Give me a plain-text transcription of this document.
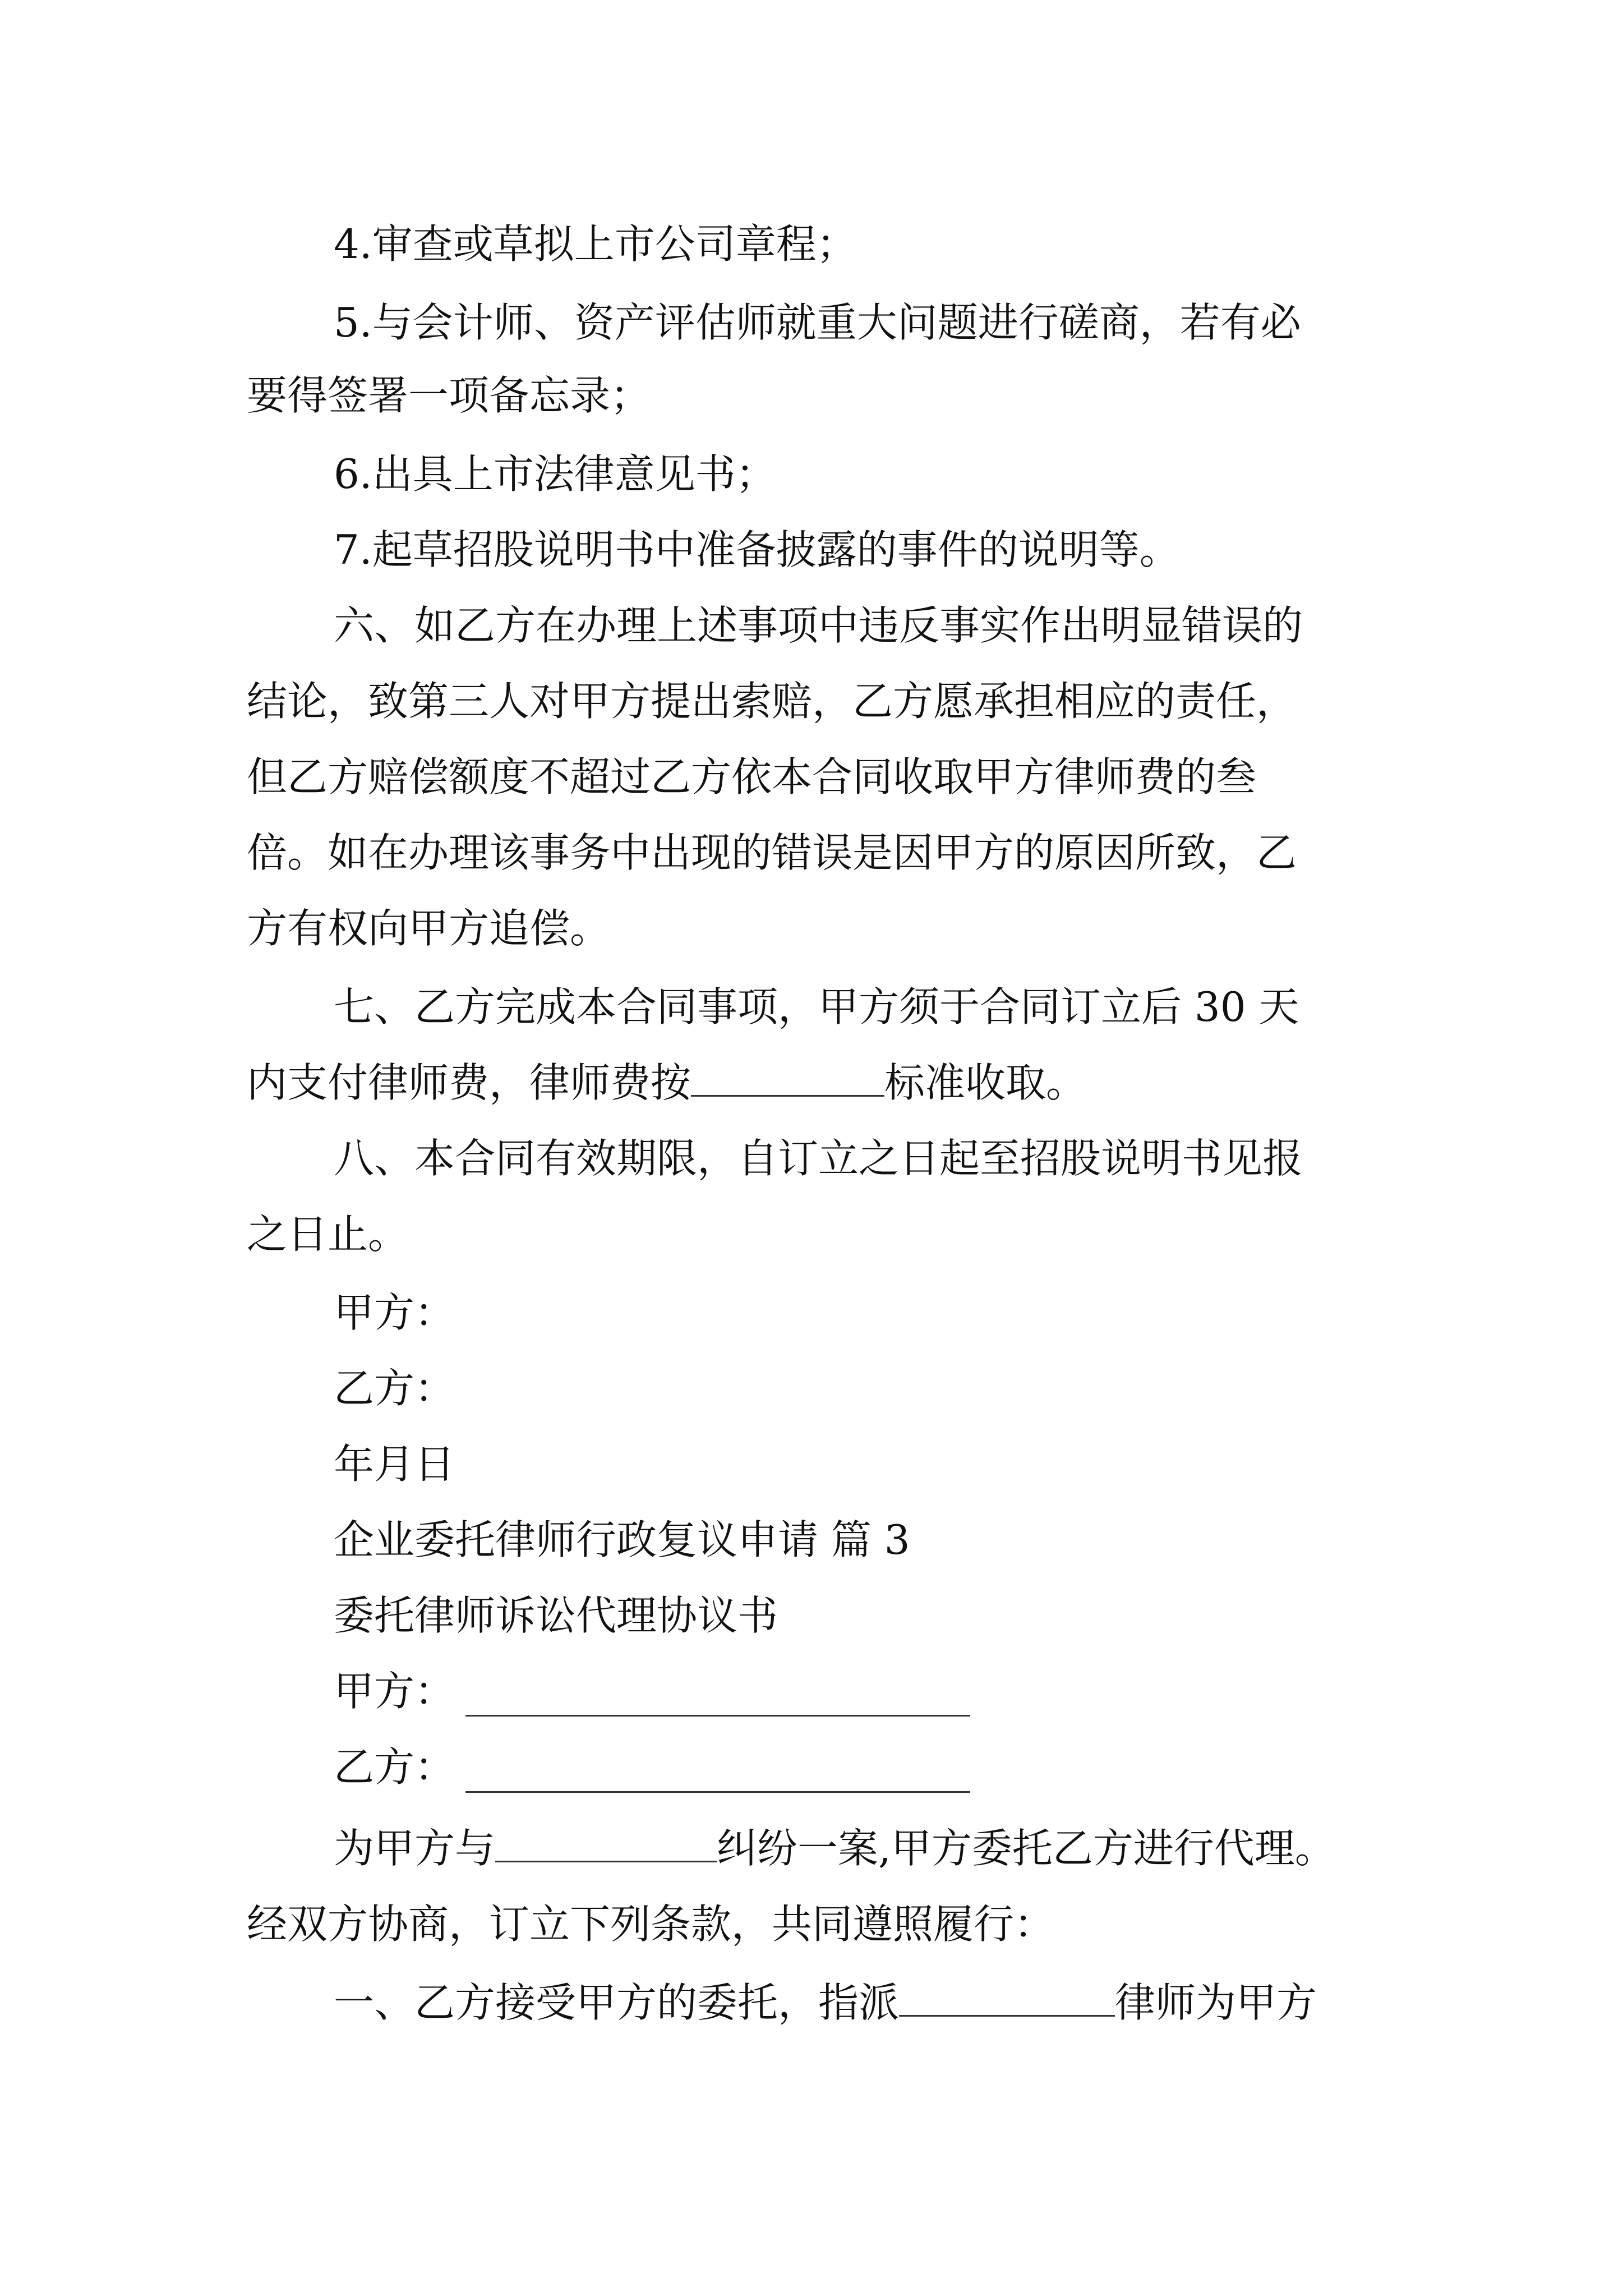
4.审查或草拟上市公司章程；
5.与会计师、资产评估师就重大问题进行磋商，若有必
要得签署一项备忘录；
6.出具上市法律意见书；
7.起草招股说明书中准备披露的事件的说明等。
六、如乙方在办理上述事项中违反事实作出明显错误的
结论，致第三人对甲方提出索赔，乙方愿承担相应的责任，
但乙方赔偿额度不超过乙方依本合同收取甲方律师费的叁
倍。如在办理该事务中出现的错误是因甲方的原因所致，乙
方有权向甲方追偿。
七、乙方完成本合同事项，甲方须于合同订立后 30 天
内支付律师费，律师费按	标准收取。
八、本合同有效期限，自订立之日起至招股说明书见报
之日止。
甲方：
乙方：
年月日
企业委托律师行政复议申请 篇 3
委托律师诉讼代理协议书
甲方：
乙方：
为甲方与	纠纷一案,甲方委托乙方进行代理。
经双方协商，订立下列条款，共同遵照履行：
一、乙方接受甲方的委托，指派	律师为甲方
